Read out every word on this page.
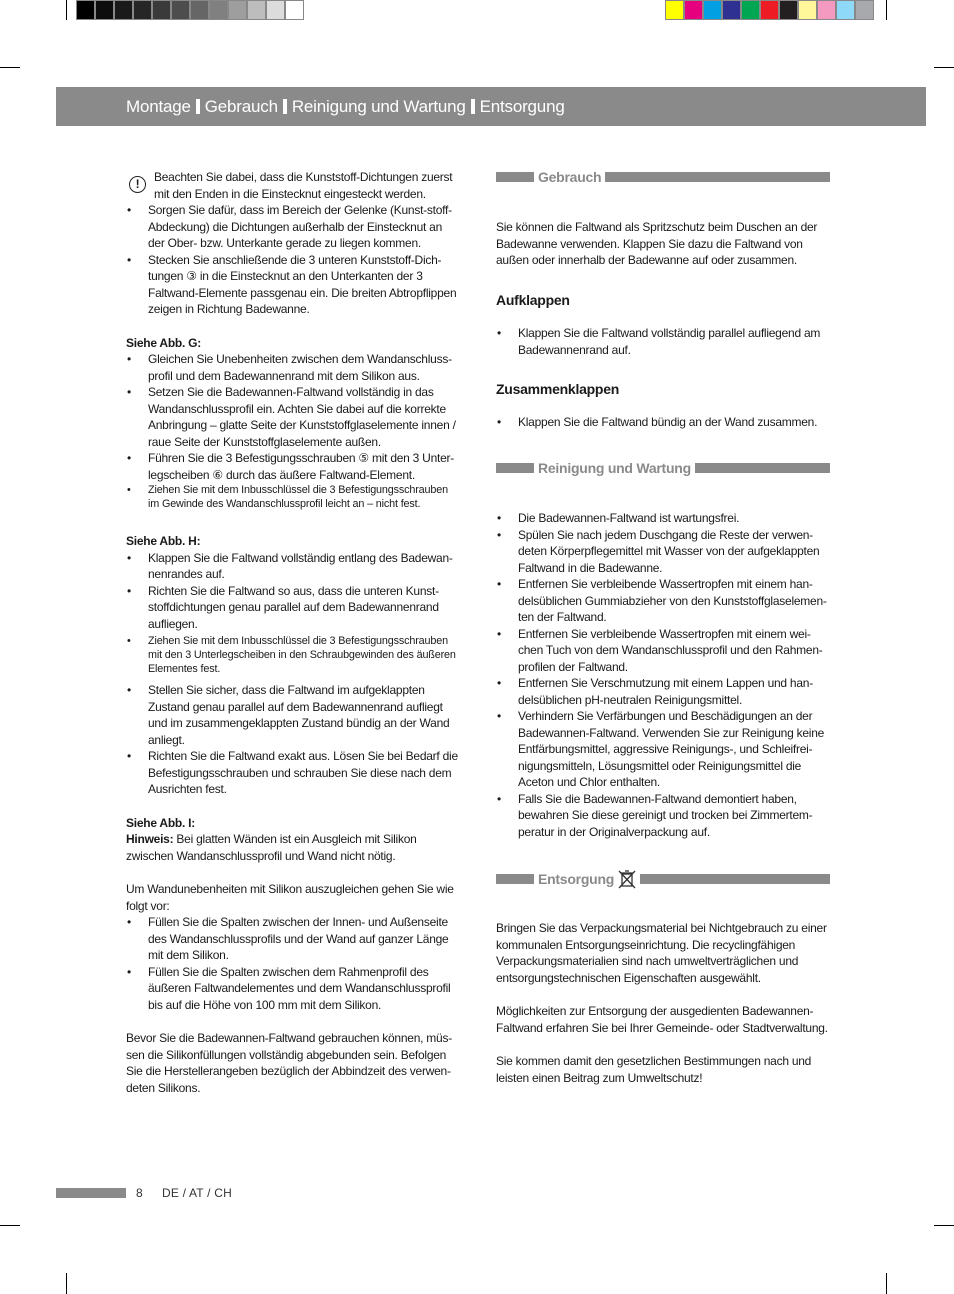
Montage Gebrauch Reinigung und Wartung Entsorgung
!

Beachten Sie dabei, dass die Kunststoff-Dichtungen zuerst mit den Enden in die Einstecknut eingesteckt werden.

• Sorgen Sie dafür, dass im Bereich der Gelenke (Kunst-stoff-Abdeckung) die Dichtungen außerhalb der Einstecknut an der Ober- bzw. Unterkante gerade zu liegen kommen.

• Stecken Sie anschließende die 3 unteren Kunststoff-Dich-tungen ③ in die Einstecknut an den Unterkanten der 3 Faltwand-Elemente passgenau ein. Die breiten Abtropflippen zeigen in Richtung Badewanne.

Siehe Abb. G:

• Gleichen Sie Unebenheiten zwischen dem Wandanschluss-profil und dem Badewannenrand mit dem Silikon aus.

• Setzen Sie die Badewannen-Faltwand vollständig in das Wandanschlussprofil ein. Achten Sie dabei auf die korrekte Anbringung – glatte Seite der Kunststoffglaselemente innen / raue Seite der Kunststoffglaselemente außen.

• Führen Sie die 3 Befestigungsschrauben ⑤ mit den 3 Unter-legscheiben ⑥ durch das äußere Faltwand-Element.

• Ziehen Sie mit dem Inbusschlüssel die 3 Befestigungsschrauben im Gewinde des Wandanschlussprofil leicht an – nicht fest.

Siehe Abb. H:

• Klappen Sie die Faltwand vollständig entlang des Badewan-nenrandes auf.

• Richten Sie die Faltwand so aus, dass die unteren Kunst-stoffdichtungen genau parallel auf dem Badewannenrand aufliegen.

• Ziehen Sie mit dem Inbusschlüssel die 3 Befestigungsschrauben mit den 3 Unterlegscheiben in den Schraubgewinden des äußeren Elementes fest.

• Stellen Sie sicher, dass die Faltwand im aufgeklappten Zustand genau parallel auf dem Badewannenrand aufliegt und im zusammengeklappten Zustand bündig an der Wand anliegt.

• Richten Sie die Faltwand exakt aus. Lösen Sie bei Bedarf die Befestigungsschrauben und schrauben Sie diese nach dem Ausrichten fest.

Siehe Abb. I:

Hinweis: Bei glatten Wänden ist ein Ausgleich mit Silikon zwischen Wandanschlussprofil und Wand nicht nötig.

Um Wandunebenheiten mit Silikon auszugleichen gehen Sie wie folgt vor:

• Füllen Sie die Spalten zwischen der Innen- und Außenseite des Wandanschlussprofils und der Wand auf ganzer Länge mit dem Silikon.

• Füllen Sie die Spalten zwischen dem Rahmenprofil des äußeren Faltwandelementes und dem Wandanschlussprofil bis auf die Höhe von 100 mm mit dem Silikon.

Bevor Sie die Badewannen-Faltwand gebrauchen können, müs-sen die Silikonfüllungen vollständig abgebunden sein. Befolgen Sie die Herstellerangeben bezüglich der Abbindzeit des verwen-deten Silikons.

Gebrauch

Sie können die Faltwand als Spritzschutz beim Duschen an der Badewanne verwenden. Klappen Sie dazu die Faltwand von außen oder innerhalb der Badewanne auf oder zusammen.

Aufklappen

• Klappen Sie die Faltwand vollständig parallel aufliegend am Badewannenrand auf.

Zusammenklappen

• Klappen Sie die Faltwand bündig an der Wand zusammen.

Reinigung und Wartung

• Die Badewannen-Faltwand ist wartungsfrei.

• Spülen Sie nach jedem Duschgang die Reste der verwen-deten Körperpflegemittel mit Wasser von der aufgeklappten Faltwand in die Badewanne.

• Entfernen Sie verbleibende Wassertropfen mit einem han-delsüblichen Gummiabzieher von den Kunststoffglaselemen-ten der Faltwand.

• Entfernen Sie verbleibende Wassertropfen mit einem wei-chen Tuch von dem Wandanschlussprofil und den Rahmen-profilen der Faltwand.

• Entfernen Sie Verschmutzung mit einem Lappen und han-delsüblichen pH-neutralen Reinigungsmittel.

• Verhindern Sie Verfärbungen und Beschädigungen an der Badewannen-Faltwand. Verwenden Sie zur Reinigung keine Entfärbungsmittel, aggressive Reinigungs-, und Schleifrei-nigungsmitteln, Lösungsmittel oder Reinigungsmittel die Aceton und Chlor enthalten.

• Falls Sie die Badewannen-Faltwand demontiert haben, bewahren Sie diese gereinigt und trocken bei Zimmertem-peratur in der Originalverpackung auf.

Entsorgung

Bringen Sie das Verpackungsmaterial bei Nichtgebrauch zu einer kommunalen Entsorgungseinrichtung. Die recyclingfähigen Verpackungsmaterialien sind nach umweltverträglichen und entsorgungstechnischen Eigenschaften ausgewählt.

Möglichkeiten zur Entsorgung der ausgedienten Badewannen-Faltwand erfahren Sie bei Ihrer Gemeinde- oder Stadtverwaltung.

Sie kommen damit den gesetzlichen Bestimmungen nach und leisten einen Beitrag zum Umweltschutz!

8 DE / AT / CH
